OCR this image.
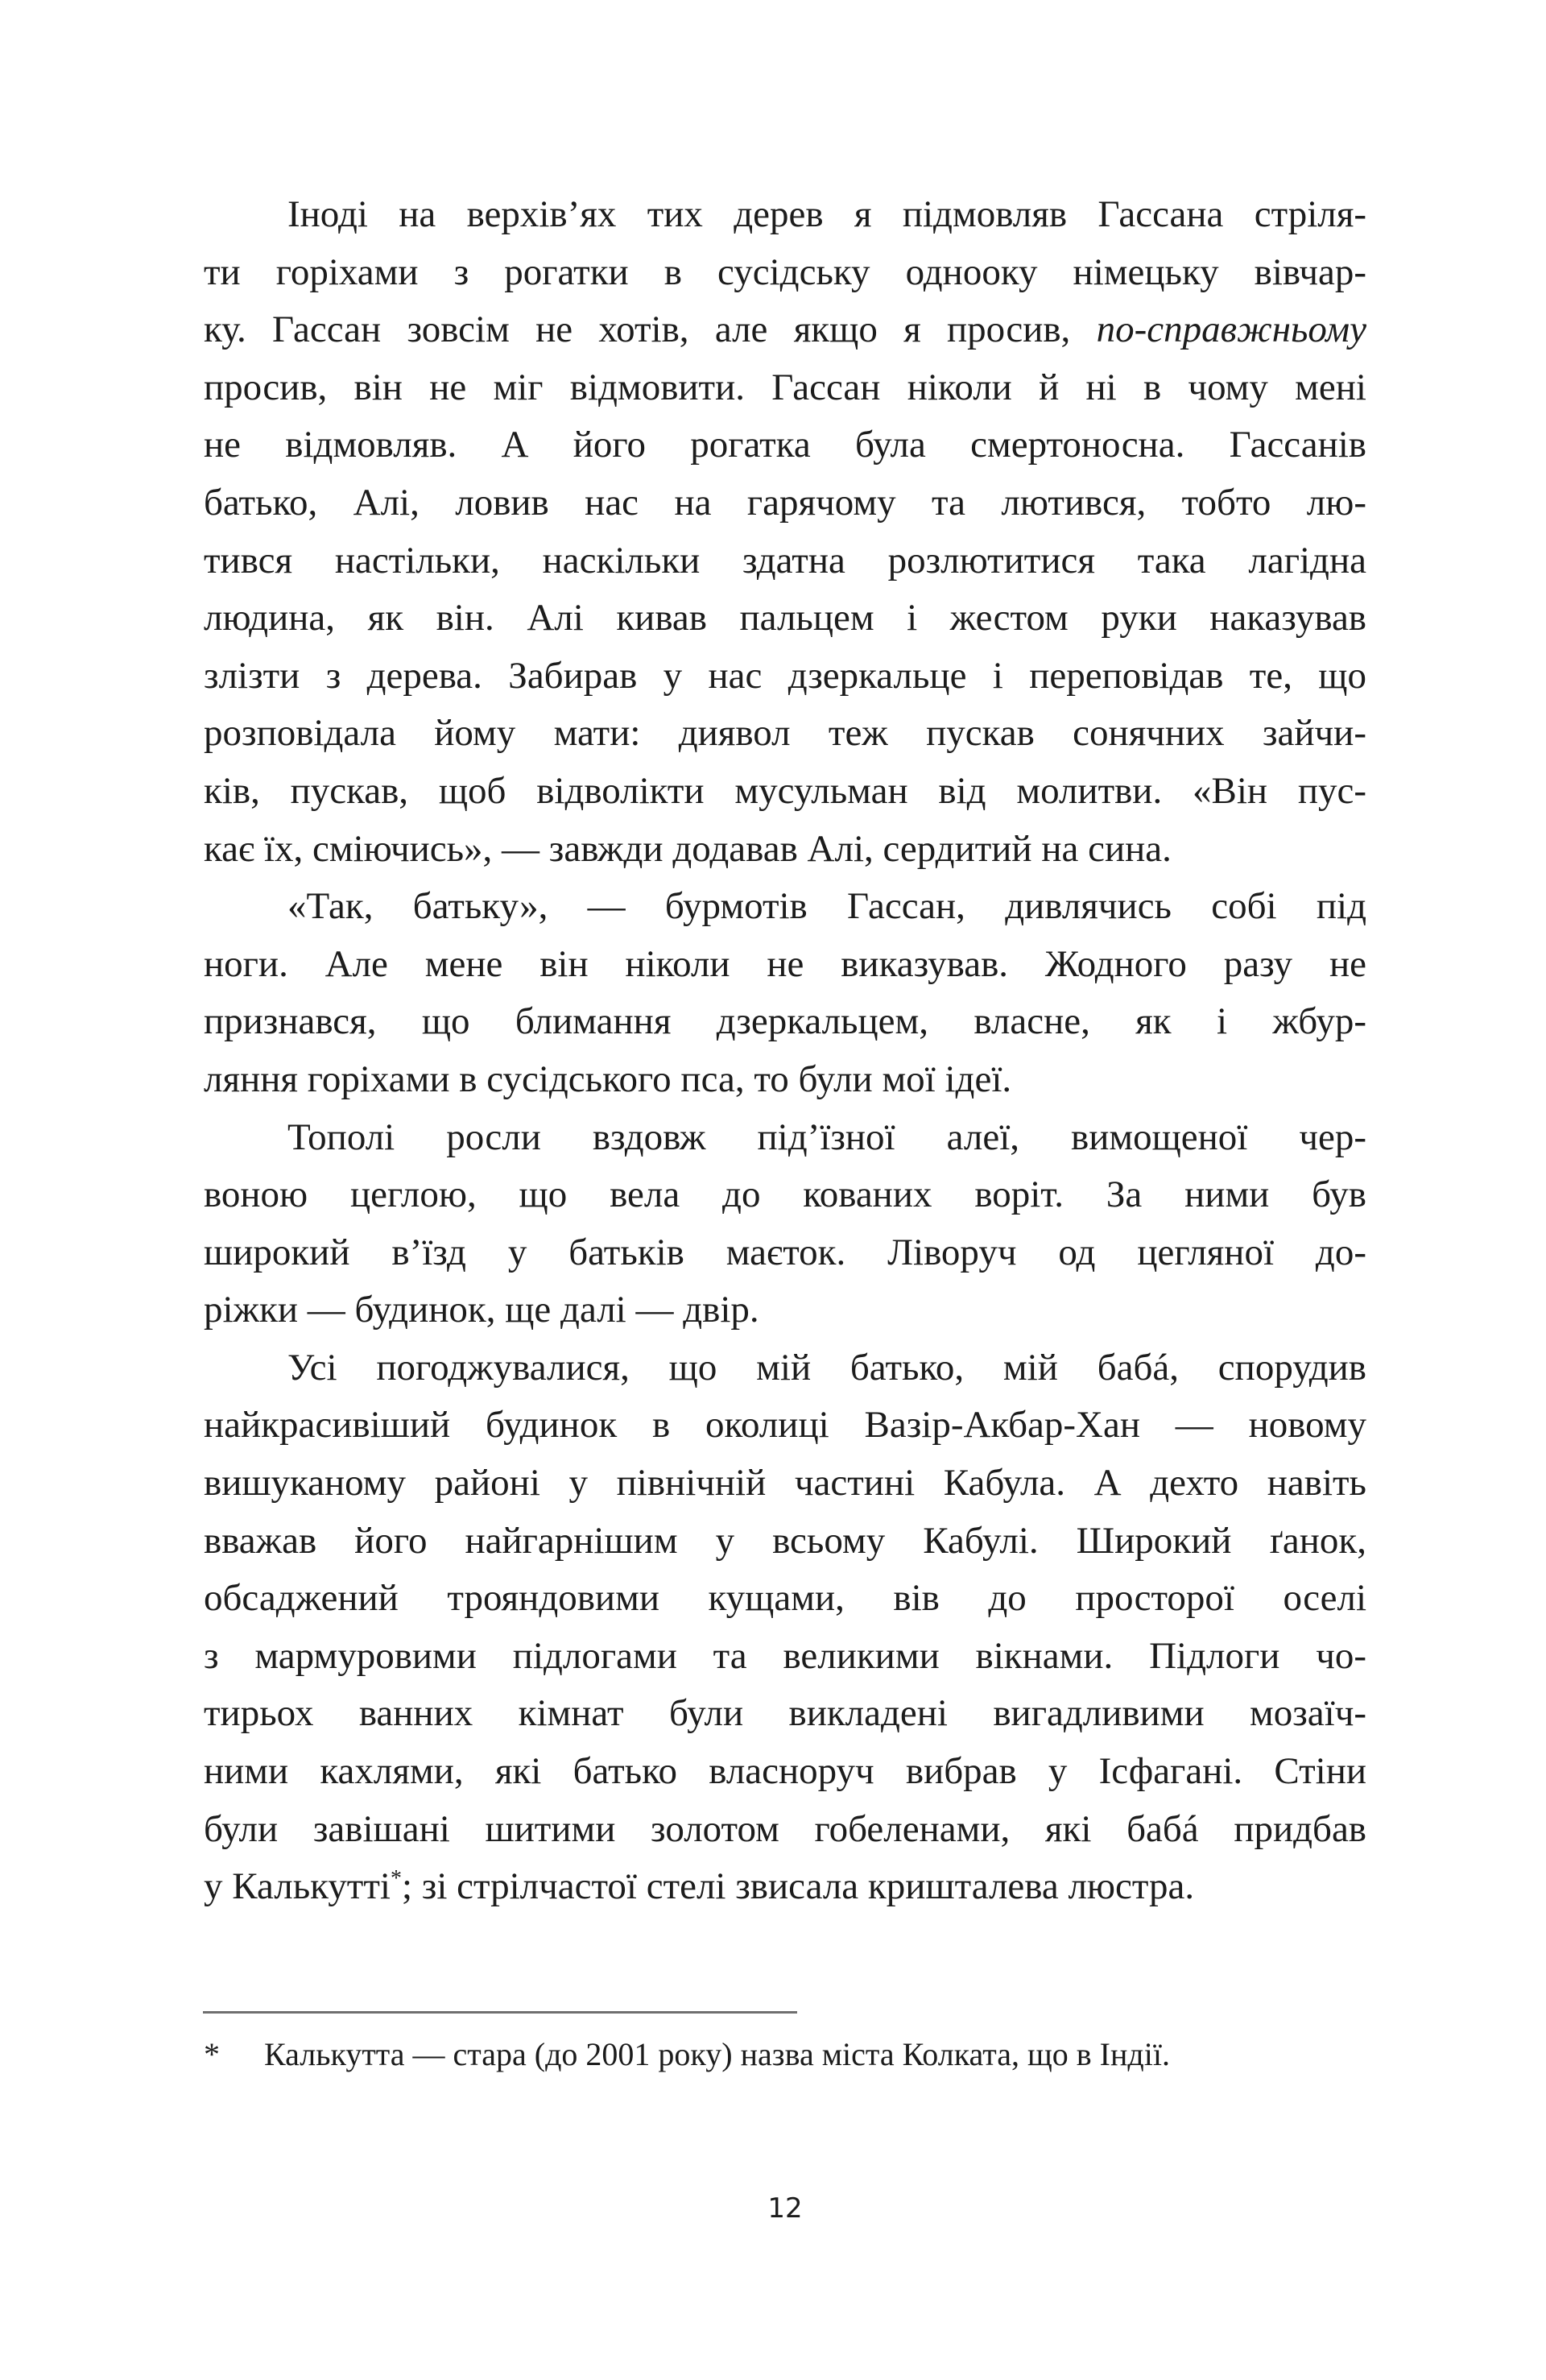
Іноді на верхів’ях тих дерев я підмовляв Гассана стріля-
ти горіхами з рогатки в сусідську однооку німецьку вівчар-
ку. Гассан зовсім не хотів, але якщо я просив, по-справжньому
просив, він не міг відмовити. Гассан ніколи й ні в чому мені
не відмовляв. А його рогатка була смертоносна. Гассанів
батько, Алі, ловив нас на гарячому та лютився, тобто лю-
тився настільки, наскільки здатна розлютитися така лагідна
людина, як він. Алі кивав пальцем і жестом руки наказував
злізти з дерева. Забирав у нас дзеркальце і переповідав те, що
розповідала йому мати: диявол теж пускав сонячних зайчи-
ків, пускав, щоб відволікти мусульман від молитви. «Він пус-
кає їх, сміючись», — завжди додавав Алі, сердитий на сина.
«Так, батьку», — бурмотів Гассан, дивлячись собі під
ноги. Але мене він ніколи не виказував. Жодного разу не
признався, що блимання дзеркальцем, власне, як і жбур-
ляння горіхами в сусідського пса, то були мої ідеї.
Тополі росли вздовж під’їзної алеї, вимощеної чер-
воною цеглою, що вела до кованих воріт. За ними був
широкий в’їзд у батьків маєток. Ліворуч од цегляної до-
ріжки — будинок, ще далі — двір.
Усі погоджувалися, що мій батько, мій бабá, спорудив
найкрасивіший будинок в околиці Вазір-Акбар-Хан — новому
вишуканому районі у північній частині Кабула. А дехто навіть
вважав його найгарнішим у всьому Кабулі. Широкий ґанок,
обсаджений трояндовими кущами, вів до просторої оселі
з мармуровими підлогами та великими вікнами. Підлоги чо-
тирьох ванних кімнат були викладені вигадливими мозаїч-
ними кахлями, які батько власноруч вибрав у Ісфагані. Стіни
були завішані шитими золотом гобеленами, які бабá придбав
у Калькутті*; зі стрілчастої стелі звисала кришталева люстра.
* Калькутта — стара (до 2001 року) назва міста Колката, що в Індії.
12
